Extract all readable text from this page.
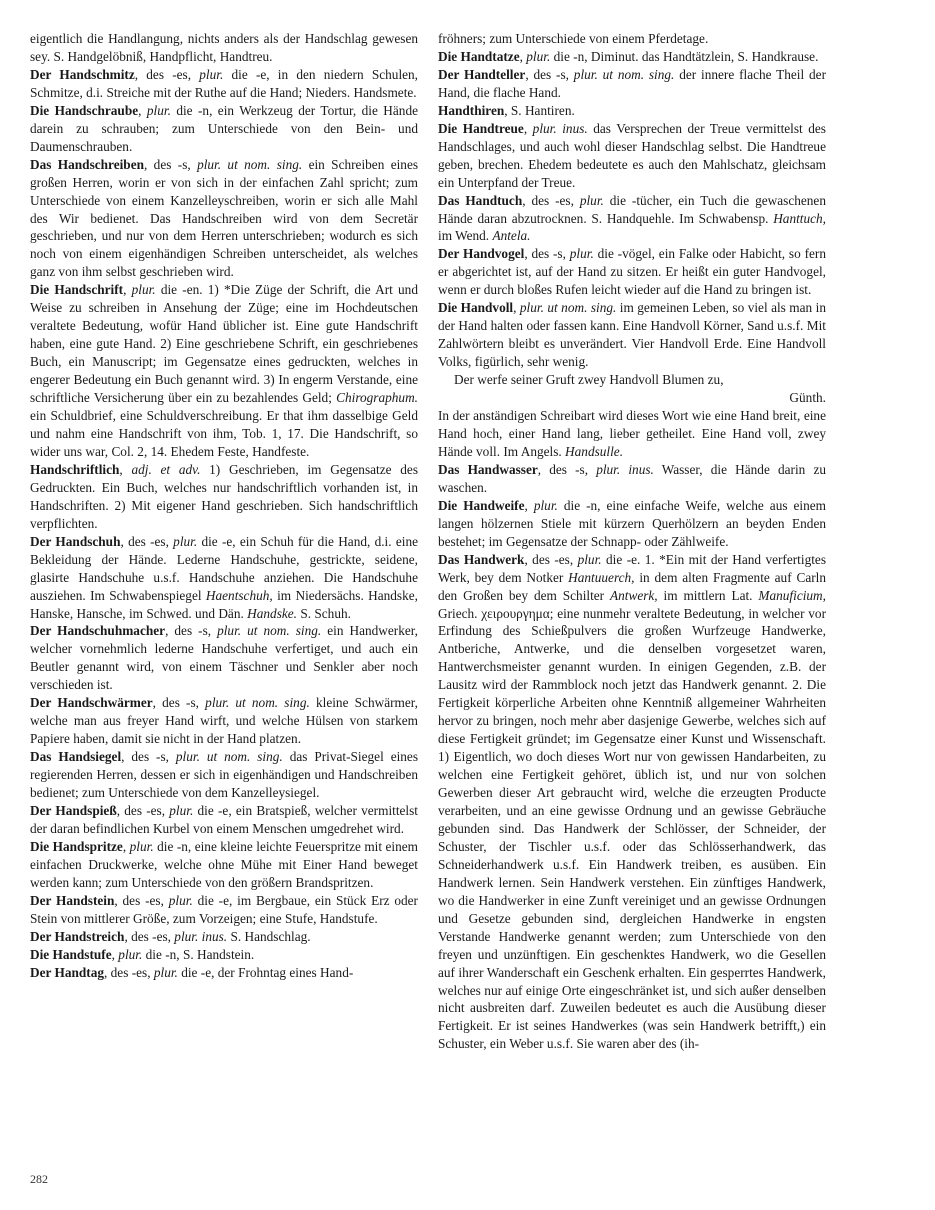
eigentlich die Handlangung, nichts anders als der Handschlag gewesen sey. S. Handgelöbniß, Handpflicht, Handtreu.

Der Handschmitz, des -es, plur. die -e, in den niedern Schulen, Schmitze, d.i. Streiche mit der Ruthe auf die Hand; Nieders. Handsmete.

Die Handschraube, plur. die -n, ein Werkzeug der Tortur, die Hände darein zu schrauben; zum Unterschiede von den Bein- und Daumenschrauben.

Das Handschreiben, des -s, plur. ut nom. sing. ein Schreiben eines großen Herren, worin er von sich in der einfachen Zahl spricht; zum Unterschiede von einem Kanzelleyschreiben, worin er sich alle Mahl des Wir bedienet. Das Handschreiben wird von dem Secretär geschrieben, und nur von dem Herren unterschrieben; wodurch es sich noch von einem eigenhändigen Schreiben unterscheidet, als welches ganz von ihm selbst geschrieben wird.

Die Handschrift, plur. die -en. 1) *Die Züge der Schrift, die Art und Weise zu schreiben in Ansehung der Züge; eine im Hochdeutschen veraltete Bedeutung, wofür Hand üblicher ist. Eine gute Handschrift haben, eine gute Hand. 2) Eine geschriebene Schrift, ein geschriebenes Buch, ein Manuscript; im Gegensatze eines gedruckten, welches in engerer Bedeutung ein Buch genannt wird. 3) In engerm Verstande, eine schriftliche Versicherung über ein zu bezahlendes Geld; Chirographum. ein Schuldbrief, eine Schuldverschreibung. Er that ihm dasselbige Geld und nahm eine Handschrift von ihm, Tob. 1, 17. Die Handschrift, so wider uns war, Col. 2, 14. Ehedem Feste, Handfeste.

Handschriftlich, adj. et adv. 1) Geschrieben, im Gegensatze des Gedruckten. Ein Buch, welches nur handschriftlich vorhanden ist, in Handschriften. 2) Mit eigener Hand geschrieben. Sich handschriftlich verpflichten.

Der Handschuh, des -es, plur. die -e, ein Schuh für die Hand, d.i. eine Bekleidung der Hände. Lederne Handschuhe, gestrickte, seidene, glasirte Handschuhe u.s.f. Handschuhe anziehen. Die Handschuhe ausziehen. Im Schwabenspiegel Haentschuh, im Niedersächs. Handske, Hanske, Hansche, im Schwed. und Dän. Handske. S. Schuh.

Der Handschuhmacher, des -s, plur. ut nom. sing. ein Handwerker, welcher vornehmlich lederne Handschuhe verfertiget, und auch ein Beutler genannt wird, von einem Täschner und Senkler aber noch verschieden ist.

Der Handschwärmer, des -s, plur. ut nom. sing. kleine Schwärmer, welche man aus freyer Hand wirft, und welche Hülsen von starkem Papiere haben, damit sie nicht in der Hand platzen.

Das Handsiegel, des -s, plur. ut nom. sing. das Privat-Siegel eines regierenden Herren, dessen er sich in eigenhändigen und Handschreiben bedienet; zum Unterschiede von dem Kanzelleysiegel.

Der Handspieß, des -es, plur. die -e, ein Bratspieß, welcher vermittelst der daran befindlichen Kurbel von einem Menschen umgedrehet wird.

Die Handspritze, plur. die -n, eine kleine leichte Feuerspritze mit einem einfachen Druckwerke, welche ohne Mühe mit Einer Hand beweget werden kann; zum Unterschiede von den größern Brandspritzen.

Der Handstein, des -es, plur. die -e, im Bergbaue, ein Stück Erz oder Stein von mittlerer Größe, zum Vorzeigen; eine Stufe, Handstufe.

Der Handstreich, des -es, plur. inus. S. Handschlag.

Die Handstufe, plur. die -n, S. Handstein.

Der Handtag, des -es, plur. die -e, der Frohntag eines Hand-

fröhners; zum Unterschiede von einem Pferdetage.

Die Handtatze, plur. die -n, Diminut. das Handtätzlein, S. Handkrause.

Der Handteller, des -s, plur. ut nom. sing. der innere flache Theil der Hand, die flache Hand.

Handthiren, S. Hantiren.

Die Handtreue, plur. inus. das Versprechen der Treue vermittelst des Handschlages, und auch wohl dieser Handschlag selbst. Die Handtreue geben, brechen. Ehedem bedeutete es auch den Mahlschatz, gleichsam ein Unterpfand der Treue.

Das Handtuch, des -es, plur. die -tücher, ein Tuch die gewaschenen Hände daran abzutrocknen. S. Handquehle. Im Schwabensp. Hanttuch, im Wend. Antela.

Der Handvogel, des -s, plur. die -vögel, ein Falke oder Habicht, so fern er abgerichtet ist, auf der Hand zu sitzen. Er heißt ein guter Handvogel, wenn er durch bloßes Rufen leicht wieder auf die Hand zu bringen ist.

Die Handvoll, plur. ut nom. sing. im gemeinen Leben, so viel als man in der Hand halten oder fassen kann. Eine Handvoll Körner, Sand u.s.f. Mit Zahlwörtern bleibt es unverändert. Vier Handvoll Erde. Eine Handvoll Volks, figürlich, sehr wenig.

Der werfe seiner Gruft zwey Handvoll Blumen zu,

Günth.

In der anständigen Schreibart wird dieses Wort wie eine Hand breit, eine Hand hoch, einer Hand lang, lieber getheilet. Eine Hand voll, zwey Hände voll. Im Angels. Handsulle.

Das Handwasser, des -s, plur. inus. Wasser, die Hände darin zu waschen.

Die Handweife, plur. die -n, eine einfache Weife, welche aus einem langen hölzernen Stiele mit kürzern Querhölzern an beyden Enden bestehet; im Gegensatze der Schnapp- oder Zählweife.

Das Handwerk, des -es, plur. die -e. 1. *Ein mit der Hand verfertigtes Werk, bey dem Notker Hantuuerch, in dem alten Fragmente auf Carln den Großen bey dem Schilter Antwerk, im mittlern Lat. Manuficium, Griech. χειρουργημα; eine nunmehr veraltete Bedeutung, in welcher vor Erfindung des Schießpulvers die großen Wurfzeuge Handwerke, Antberiche, Antwerke, und die denselben vorgesetzet waren, Hantwerchsmeister genannt wurden. In einigen Gegenden, z.B. der Lausitz wird der Rammblock noch jetzt das Handwerk genannt. 2. Die Fertigkeit körperliche Arbeiten ohne Kenntniß allgemeiner Wahrheiten hervor zu bringen, noch mehr aber dasjenige Gewerbe, welches sich auf diese Fertigkeit gründet; im Gegensatze einer Kunst und Wissenschaft. 1) Eigentlich, wo doch dieses Wort nur von gewissen Handarbeiten, zu welchen eine Fertigkeit gehöret, üblich ist, und nur von solchen Gewerben dieser Art gebraucht wird, welche die erzeugten Producte verarbeiten, und an eine gewisse Ordnung und an gewisse Gebräuche gebunden sind. Das Handwerk der Schlösser, der Schneider, der Schuster, der Tischler u.s.f. oder das Schlösserhandwerk, das Schneiderhandwerk u.s.f. Ein Handwerk treiben, es ausüben. Ein Handwerk lernen. Sein Handwerk verstehen. Ein zünftiges Handwerk, wo die Handwerker in eine Zunft vereiniget und an gewisse Ordnungen und Gesetze gebunden sind, dergleichen Handwerke in engsten Verstande Handwerke genannt werden; zum Unterschiede von den freyen und unzünftigen. Ein geschenktes Handwerk, wo die Gesellen auf ihrer Wanderschaft ein Geschenk erhalten. Ein gesperrtes Handwerk, welches nur auf einige Orte eingeschränket ist, und sich außer denselben nicht ausbreiten darf. Zuweilen bedeutet es auch die Ausübung dieser Fertigkeit. Er ist seines Handwerkes (was sein Handwerk betrifft,) ein Schuster, ein Weber u.s.f. Sie waren aber des (ih-

282
